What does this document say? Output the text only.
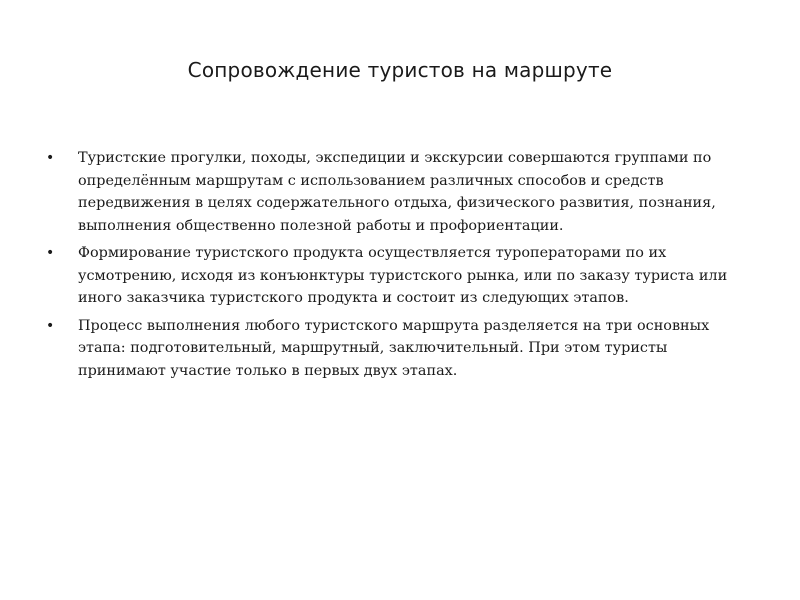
Сопровождение туристов на маршруте
• Туристские прогулки, походы, экспедиции и экскурсии совершаются группами по определённым маршрутам с использованием различных способов и средств передвижения в целях содержательного отдыха, физического развития, познания, выполнения общественно полезной работы и профориентации.
• Формирование туристского продукта осуществляется туроператорами по их усмотрению, исходя из конъюнктуры туристского рынка, или по заказу туриста или иного заказчика туристского продукта и состоит из следующих этапов.
• Процесс выполнения любого туристского маршрута разделяется на три основных этапа: подготовительный, маршрутный, заключительный. При этом туристы принимают участие только в первых двух этапах.
